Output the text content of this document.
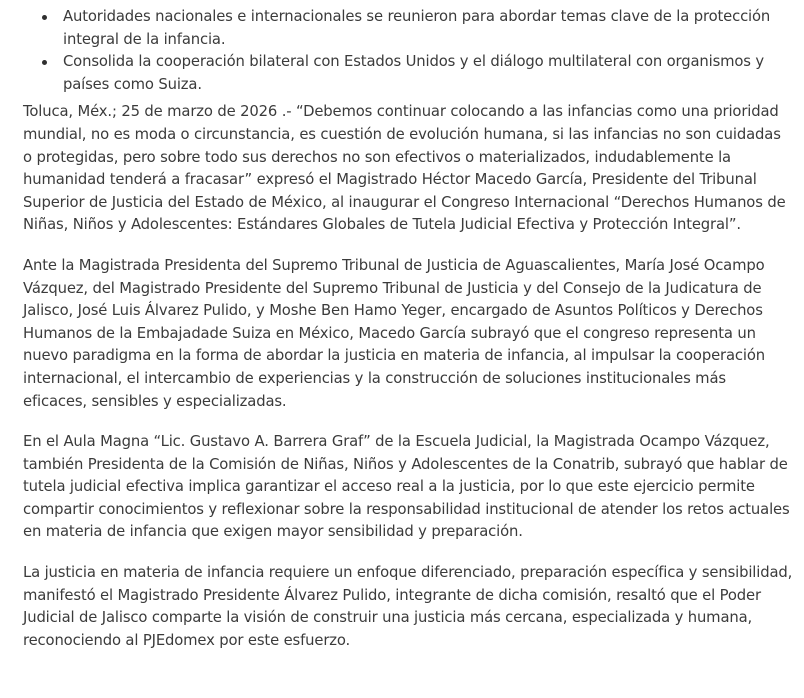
Autoridades nacionales e internacionales se reunieron para abordar temas clave de la protección integral de la infancia.
Consolida la cooperación bilateral con Estados Unidos y el diálogo multilateral con organismos y países como Suiza.

Toluca, Méx.; 25 de marzo de 2026 .- “Debemos continuar colocando a las infancias como una prioridad mundial, no es moda o circunstancia, es cuestión de evolución humana, si las infancias no son cuidadas o protegidas, pero sobre todo sus derechos no son efectivos o materializados, indudablemente la humanidad tenderá a fracasar” expresó el Magistrado Héctor Macedo García, Presidente del Tribunal Superior de Justicia del Estado de México, al inaugurar el Congreso Internacional “Derechos Humanos de Niñas, Niños y Adolescentes: Estándares Globales de Tutela Judicial Efectiva y Protección Integral”.

Ante la Magistrada Presidenta del Supremo Tribunal de Justicia de Aguascalientes, María José Ocampo Vázquez, del Magistrado Presidente del Supremo Tribunal de Justicia y del Consejo de la Judicatura de Jalisco, José Luis Álvarez Pulido, y Moshe Ben Hamo Yeger, encargado de Asuntos Políticos y Derechos Humanos de la Embajadade Suiza en México, Macedo García subrayó que el congreso representa un nuevo paradigma en la forma de abordar la justicia en materia de infancia, al impulsar la cooperación internacional, el intercambio de experiencias y la construcción de soluciones institucionales más eficaces, sensibles y especializadas.

En el Aula Magna “Lic. Gustavo A. Barrera Graf” de la Escuela Judicial, la Magistrada Ocampo Vázquez, también Presidenta de la Comisión de Niñas, Niños y Adolescentes de la Conatrib, subrayó que hablar de tutela judicial efectiva implica garantizar el acceso real a la justicia, por lo que este ejercicio permite compartir conocimientos y reflexionar sobre la responsabilidad institucional de atender los retos actuales en materia de infancia que exigen mayor sensibilidad y preparación.

La justicia en materia de infancia requiere un enfoque diferenciado, preparación específica y sensibilidad, manifestó el Magistrado Presidente Álvarez Pulido, integrante de dicha comisión, resaltó que el Poder Judicial de Jalisco comparte la visión de construir una justicia más cercana, especializada y humana, reconociendo al PJEdomex por este esfuerzo.
